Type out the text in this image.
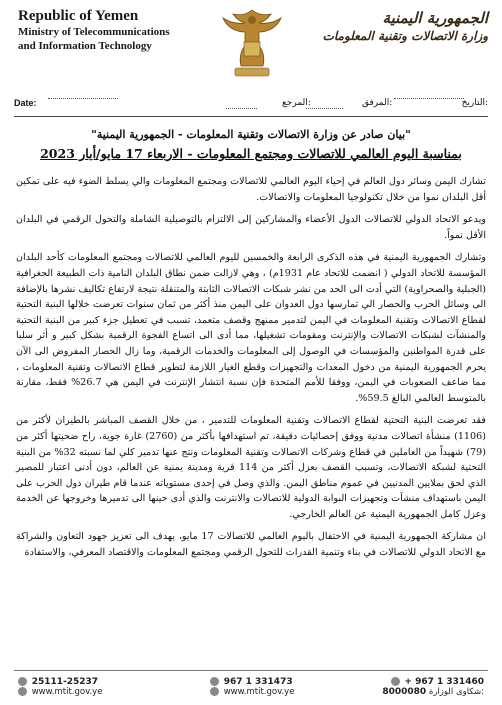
Republic of Yemen
Ministry of Telecommunications
and Information Technology
الجمهورية اليمنية
وزارة الاتصالات وتقنية المعلومات
Date:
	المرجع:
	المرفق:	التاريخ:
"بيان صادر عن وزارة الاتصالات وتقنية المعلومات - الجمهورية اليمنية"
بمناسبة اليوم العالمي للاتصالات ومجتمع المعلومات - الاربعاء 17 مايو/أيار 2023

تشارك اليمن وسائر دول العالم في إحياء اليوم العالمي للاتصالات ومجتمع المعلومات والي يسلط الضوء فيه على تمكين أقل البلدان نموا من خلال تكنولوجيا المعلومات والاتصالات.

ويدعو الاتحاد الدولي للاتصالات الدول الأعضاء والمشاركين إلى الالتزام بالتوصيلية الشاملة والتحول الرقمي في البلدان الأقل نمواً.

وتشارك الجمهورية اليمنية في هذه الذكرى الرابعة والخمسين لليوم العالمي للاتصالات ومجتمع المعلومات كأحد البلدان المؤسسة للاتحاد الدولي ( انضمت للاتحاد عام 1931م) ، وهي لازالت ضمن نطاق البلدان النامية ذات الطبيعة الجغرافية (الجبلية والصحراوية) التي أدت الى الحد من نشر شبكات الاتصالات الثابتة والمتنقلة نتيجة لارتفاع تكاليف نشرها بالإضافة الى وسائل الحرب والحصار الي تمارسها دول العدوان على اليمن منذ أكثر من ثمان سنوات تعرضت خلالها البنية التحتية لقطاع الاتصالات وتقنية المعلومات في اليمن لتدمير ممنهج وقصف متعمد، تسبب في تعطيل جزء كبير من البنية التحتية والمنشآت لشبكات الاتصالات والإنترنت ومقومات تشغيلها، مما أدى الى اتساع الفجوة الرقمية بشكل كبير و أثر سلبا على قدرة المواطنين والمؤسسات في الوصول إلى المعلومات والخدمات الرقمية، وما زال الحصار المفروض الى الآن يحرم الجمهورية اليمنية من دخول المعدات والتجهيزات وقطع الغيار اللازمة لتطوير قطاع الاتصالات وتقنية المعلومات ، مما ضاعف الصعوبات في اليمن، ووفقا للأمم المتحدة فإن نسبة انتشار الإنترنت في اليمن هي 26.7% فقط، مقارنة بالمتوسط العالمي البالغ 59.5%.

فقد تعرضت البنية التحتية لقطاع الاتصالات وتقنية المعلومات للتدمير ، من خلال القصف المباشر بالطيران لأكثر من (1106) منشأة اتصالات مدنية ووفق إحصائيات دقيقة، تم استهدافها بأكثر من (2760) غارة جوية، راح ضحيتها أكثر من (79) شهيداً من العاملين في قطاع وشركات الاتصالات وتقنية المعلومات ونتج عنها تدمير كلي لما نسبته 32% من البنية التحتية لشبكة الاتصالات، وتسبب القصف بعزل أكثر من 114 قرية ومدينة يمنية عن العالم، دون أدنى اعتبار للمصير الذي لحق بملايين المدنيين في عموم مناطق اليمن. والذي وصل في إحدى مستوياته عندما قام طيران دول الحرب على اليمن باستهداف منشآت وتجهيزات البوابة الدولية للاتصالات والانترنت والذي أدى حينها الى تدميرها وخروجها عن الخدمة وعزل كامل الجمهورية اليمنية عن العالم الخارجي.

ان مشاركة الجمهورية اليمنية في الاحتفال باليوم العالمي للاتصالات 17 مايو، يهدف الى تعزيز جهود التعاون والشراكة مع الاتحاد الدولي للاتصالات في بناء وتنمية القدرات للتحول الرقمي ومجتمع المعلومات والاقتصاد المعرفي، والاستفادة

25111-25237
www.mtit.gov.ye
967 1 331473
www.mtit.gov.ye
+ 967 1 331460
8000080 شكاوى الوزارة:
